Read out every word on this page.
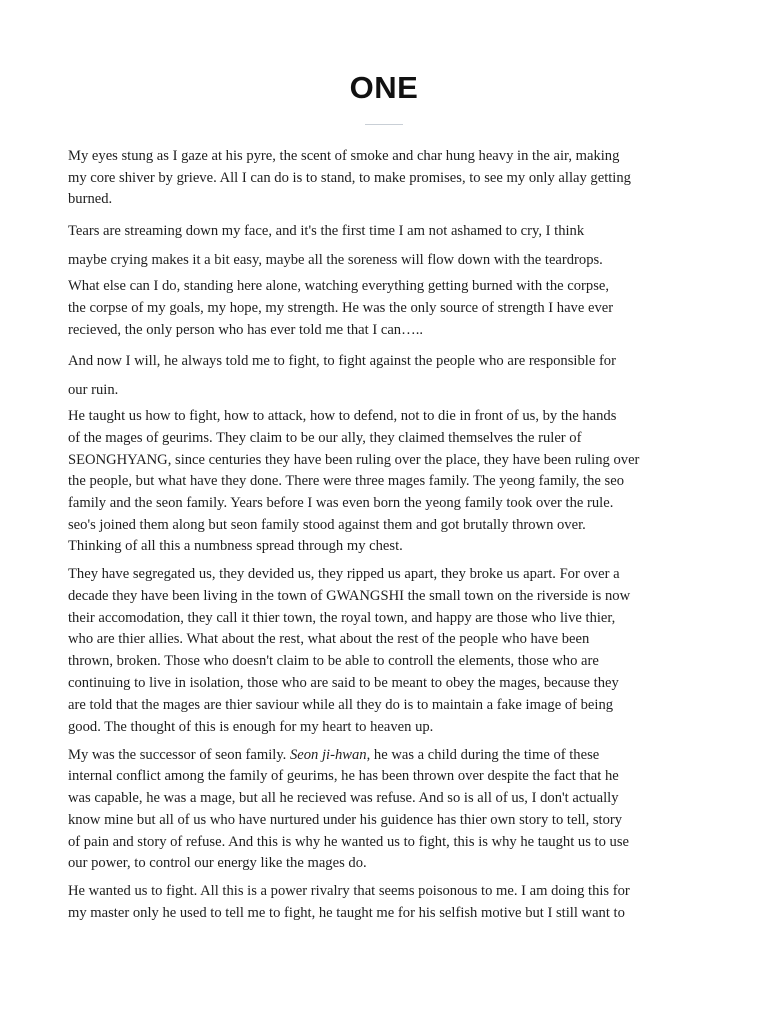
ONE

My eyes stung as I gaze at his pyre, the scent of smoke and char hung heavy in the air, making
my core shiver by grieve. All I can do is to stand, to make promises, to see my only allay getting
burned.

Tears are streaming down my face, and it's the first time I am not ashamed to cry, I think
maybe crying makes it a bit easy, maybe all the soreness will flow down with the teardrops.

What else can I do, standing here alone, watching everything getting burned with the corpse,
the corpse of my goals, my hope, my strength. He was the only source of strength I have ever
recieved, the only person who has ever told me that I can…..

And now I will, he always told me to fight, to fight against the people who are responsible for
our ruin.

He taught us how to fight, how to attack, how to defend, not to die in front of us, by the hands
of the mages of geurims. They claim to be our ally, they claimed themselves the ruler of
SEONGHYANG, since centuries they have been ruling over the place, they have been ruling over
the people, but what have they done. There were three mages family. The yeong family, the seo
family and the seon family. Years before I was even born the yeong family took over the rule.
seo's joined them along but seon family stood against them and got brutally thrown over.
Thinking of all this a numbness spread through my chest.

They have segregated us, they devided us, they ripped us apart, they broke us apart. For over a
decade they have been living in the town of GWANGSHI the small town on the riverside is now
their accomodation, they call it thier town, the royal town, and happy are those who live thier,
who are thier allies. What about the rest, what about the rest of the people who have been
thrown, broken. Those who doesn't claim to be able to controll the elements, those who are
continuing to live in isolation, those who are said to be meant to obey the mages, because they
are told that the mages are thier saviour while all they do is to maintain a fake image of being
good. The thought of this is enough for my heart to heaven up.

My was the successor of seon family. Seon ji-hwan, he was a child during the time of these
internal conflict among the family of geurims, he has been thrown over despite the fact that he
was capable, he was a mage, but all he recieved was refuse. And so is all of us, I don't actually
know mine but all of us who have nurtured under his guidence has thier own story to tell, story
of pain and story of refuse. And this is why he wanted us to fight, this is why he taught us to use
our power, to control our energy like the mages do.

He wanted us to fight. All this is a power rivalry that seems poisonous to me. I am doing this for
my master only he used to tell me to fight, he taught me for his selfish motive but I still want to
